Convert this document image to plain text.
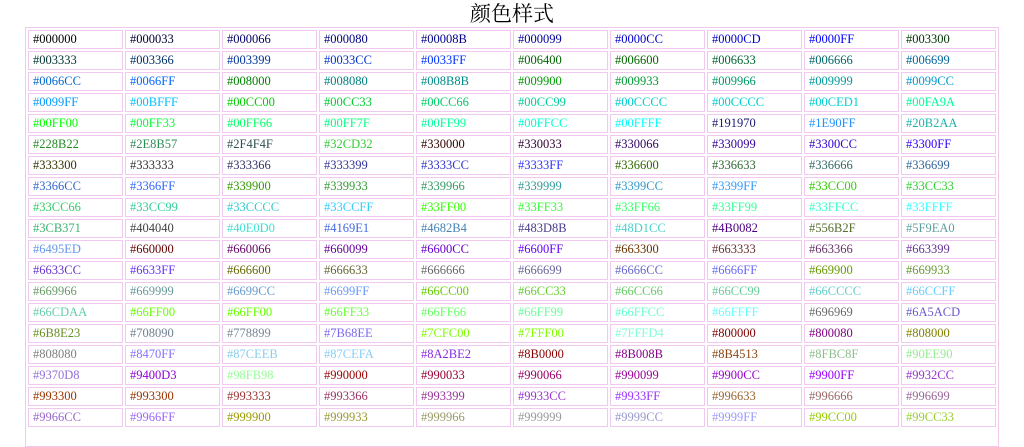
颜色样式
#000000	#000033	#000066	#000080	#00008B	#000099	#0000CC	#0000CD	#0000FF	#003300
#003333	#003366	#003399	#0033CC	#0033FF	#006400	#006600	#006633	#006666	#006699
#0066CC	#0066FF	#008000	#008080	#008B8B	#009900	#009933	#009966	#009999	#0099CC
#0099FF	#00BFFF	#00CC00	#00CC33	#00CC66	#00CC99	#00CCCC	#00CCCC	#00CED1	#00FA9A
#00FF00	#00FF33	#00FF66	#00FF7F	#00FF99	#00FFCC	#00FFFF	#191970	#1E90FF	#20B2AA
#228B22	#2E8B57	#2F4F4F	#32CD32	#330000	#330033	#330066	#330099	#3300CC	#3300FF
#333300	#333333	#333366	#333399	#3333CC	#3333FF	#336600	#336633	#336666	#336699
#3366CC	#3366FF	#339900	#339933	#339966	#339999	#3399CC	#3399FF	#33CC00	#33CC33
#33CC66	#33CC99	#33CCCC	#33CCFF	#33FF00	#33FF33	#33FF66	#33FF99	#33FFCC	#33FFFF
#3CB371	#404040	#40E0D0	#4169E1	#4682B4	#483D8B	#48D1CC	#4B0082	#556B2F	#5F9EA0
#6495ED	#660000	#660066	#660099	#6600CC	#6600FF	#663300	#663333	#663366	#663399
#6633CC	#6633FF	#666600	#666633	#666666	#666699	#6666CC	#6666FF	#669900	#669933
#669966	#669999	#6699CC	#6699FF	#66CC00	#66CC33	#66CC66	#66CC99	#66CCCC	#66CCFF
#66CDAA	#66FF00	#66FF00	#66FF33	#66FF66	#66FF99	#66FFCC	#66FFFF	#696969	#6A5ACD
#6B8E23	#708090	#778899	#7B68EE	#7CFC00	#7FFF00	#7FFFD4	#800000	#800080	#808000
#808080	#8470FF	#87CEEB	#87CEFA	#8A2BE2	#8B0000	#8B008B	#8B4513	#8FBC8F	#90EE90
#9370D8	#9400D3	#98FB98	#990000	#990033	#990066	#990099	#9900CC	#9900FF	#9932CC
#993300	#993300	#993333	#993366	#993399	#9933CC	#9933FF	#996633	#996666	#996699
#9966CC	#9966FF	#999900	#999933	#999966	#999999	#9999CC	#9999FF	#99CC00	#99CC33
